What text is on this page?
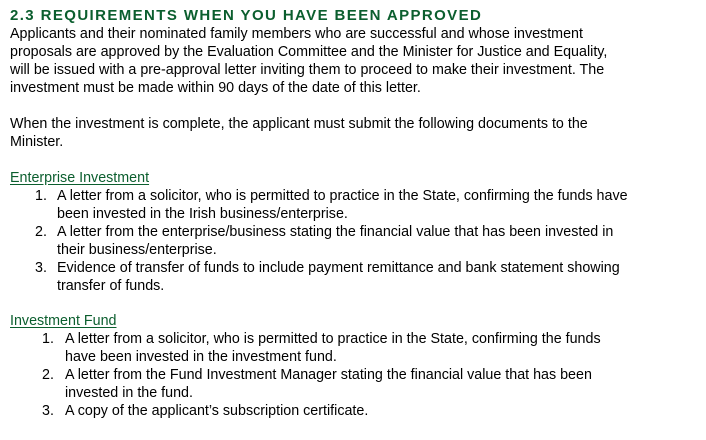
2.3 REQUIREMENTS WHEN YOU HAVE BEEN APPROVED
Applicants and their nominated family members who are successful and whose investment
proposals are approved by the Evaluation Committee and the Minister for Justice and Equality,
will be issued with a pre-approval letter inviting them to proceed to make their investment. The
investment must be made within 90 days of the date of this letter.
When the investment is complete, the applicant must submit the following documents to the
Minister.
Enterprise Investment
1. A letter from a solicitor, who is permitted to practice in the State, confirming the funds have
been invested in the Irish business/enterprise.
2. A letter from the enterprise/business stating the financial value that has been invested in
their business/enterprise.
3. Evidence of transfer of funds to include payment remittance and bank statement showing
transfer of funds.
Investment Fund
1. A letter from a solicitor, who is permitted to practice in the State, confirming the funds
have been invested in the investment fund.
2. A letter from the Fund Investment Manager stating the financial value that has been
invested in the fund.
3. A copy of the applicant’s subscription certificate.
